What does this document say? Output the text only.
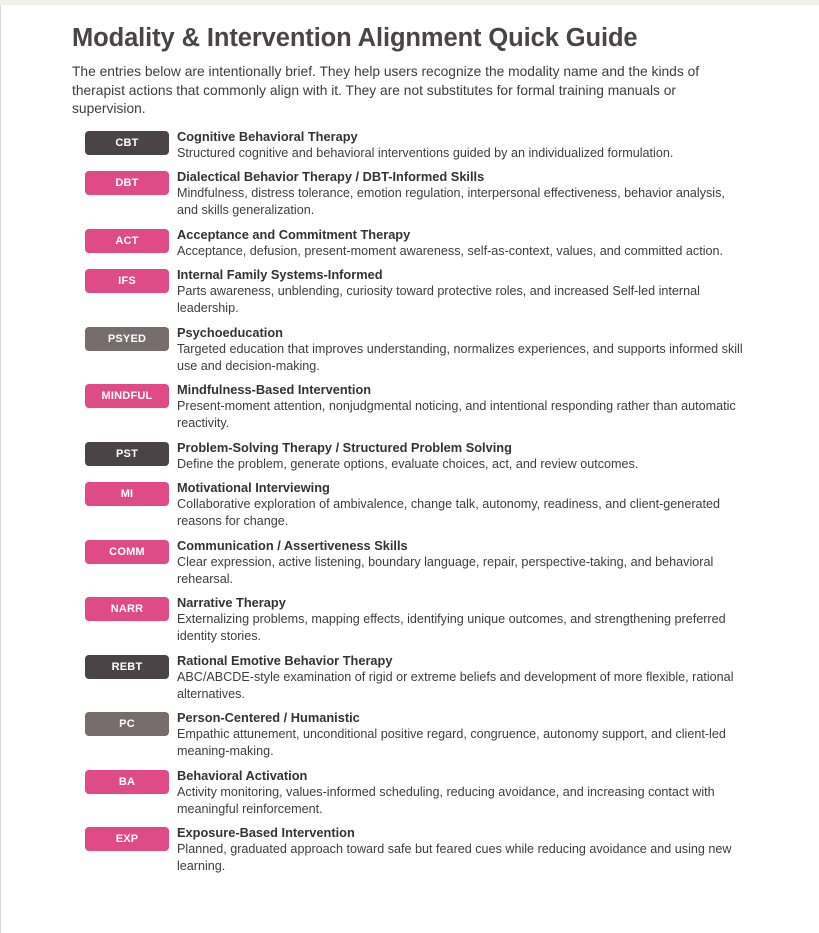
Modality & Intervention Alignment Quick Guide

The entries below are intentionally brief. They help users recognize the modality name and the kinds of therapist actions that commonly align with it. They are not substitutes for formal training manuals or supervision.

CBT	Cognitive Behavioral Therapy
Structured cognitive and behavioral interventions guided by an individualized formulation.
DBT	Dialectical Behavior Therapy / DBT-Informed Skills
Mindfulness, distress tolerance, emotion regulation, interpersonal effectiveness, behavior analysis, and skills generalization.
ACT	Acceptance and Commitment Therapy
Acceptance, defusion, present-moment awareness, self-as-context, values, and committed action.
IFS	Internal Family Systems-Informed
Parts awareness, unblending, curiosity toward protective roles, and increased Self-led internal leadership.
PSYED	Psychoeducation
Targeted education that improves understanding, normalizes experiences, and supports informed skill use and decision-making.
MINDFUL	Mindfulness-Based Intervention
Present-moment attention, nonjudgmental noticing, and intentional responding rather than automatic reactivity.
PST	Problem-Solving Therapy / Structured Problem Solving
Define the problem, generate options, evaluate choices, act, and review outcomes.
MI	Motivational Interviewing
Collaborative exploration of ambivalence, change talk, autonomy, readiness, and client-generated reasons for change.
COMM	Communication / Assertiveness Skills
Clear expression, active listening, boundary language, repair, perspective-taking, and behavioral rehearsal.
NARR	Narrative Therapy
Externalizing problems, mapping effects, identifying unique outcomes, and strengthening preferred identity stories.
REBT	Rational Emotive Behavior Therapy
ABC/ABCDE-style examination of rigid or extreme beliefs and development of more flexible, rational alternatives.
PC	Person-Centered / Humanistic
Empathic attunement, unconditional positive regard, congruence, autonomy support, and client-led meaning-making.
BA	Behavioral Activation
Activity monitoring, values-informed scheduling, reducing avoidance, and increasing contact with meaningful reinforcement.
EXP	Exposure-Based Intervention
Planned, graduated approach toward safe but feared cues while reducing avoidance and using new learning.
